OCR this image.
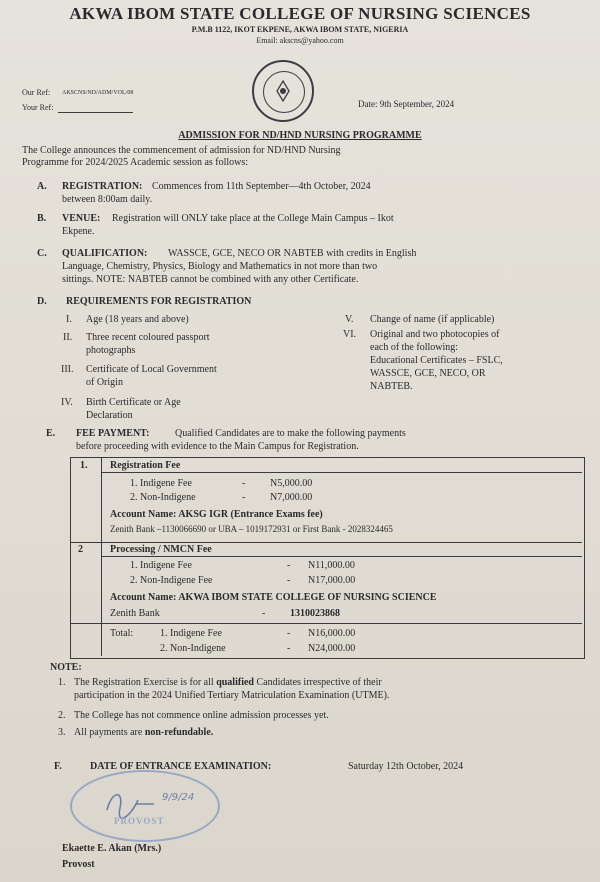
AKWA IBOM STATE COLLEGE OF NURSING SCIENCES
P.M.B 1122, IKOT EKPENE, AKWA IBOM STATE, NIGERIA
Email: akscns@yahoo.com
Our Ref: AKSCNS/ND/ADM/VOL/08
Your Ref:	Date: 9th September, 2024
ADMISSION FOR ND/HND NURSING PROGRAMME
The College announces the commencement of admission for ND/HND Nursing
Programme for 2024/2025 Academic session as follows:
A. REGISTRATION: Commences from 11th September—4th October, 2024
between 8:00am daily.
B. VENUE: Registration will ONLY take place at the College Main Campus – Ikot
Ekpene.
C. QUALIFICATION: WASSCE, GCE, NECO OR NABTEB with credits in English
Language, Chemistry, Physics, Biology and Mathematics in not more than two
sittings. NOTE: NABTEB cannot be combined with any other Certificate.
D. REQUIREMENTS FOR REGISTRATION
I. Age (18 years and above)
II. Three recent coloured passport
photographs
III. Certificate of Local Government
of Origin
IV. Birth Certificate or Age
Declaration
V. Change of name (if applicable)
VI. Original and two photocopies of
each of the following:
Educational Certificates – FSLC,
WASSCE, GCE, NECO, OR
NABTEB.
E. FEE PAYMENT:	Qualified Candidates are to make the following payments
before proceeding with evidence to the Main Campus for Registration.
1. Registration Fee
1. Indigene Fee	- N5,000.00
2. Non-Indigene	- N7,000.00
Account Name: AKSG IGR (Entrance Exams fee)
Zenith Bank –1130066690 or UBA – 1019172931 or First Bank - 2028324465
2	Processing / NMCN Fee
1. Indigene Fee	- N11,000.00
2. Non-Indigene Fee	- N17,000.00
Account Name: AKWA IBOM STATE COLLEGE OF NURSING SCIENCE
Zenith Bank	- 1310023868
Total:	1. Indigene Fee	- N16,000.00
2. Non-Indigene	- N24,000.00
NOTE:
1. The Registration Exercise is for all qualified Candidates irrespective of their
participation in the 2024 Unified Tertiary Matriculation Examination (UTME).
2. The College has not commence online admission processes yet.
3. All payments are non-refundable.
F.	DATE OF ENTRANCE EXAMINATION:	Saturday 12th October, 2024
9/9/24
PROVOST
Ekaette E. Akan (Mrs.)
Provost
